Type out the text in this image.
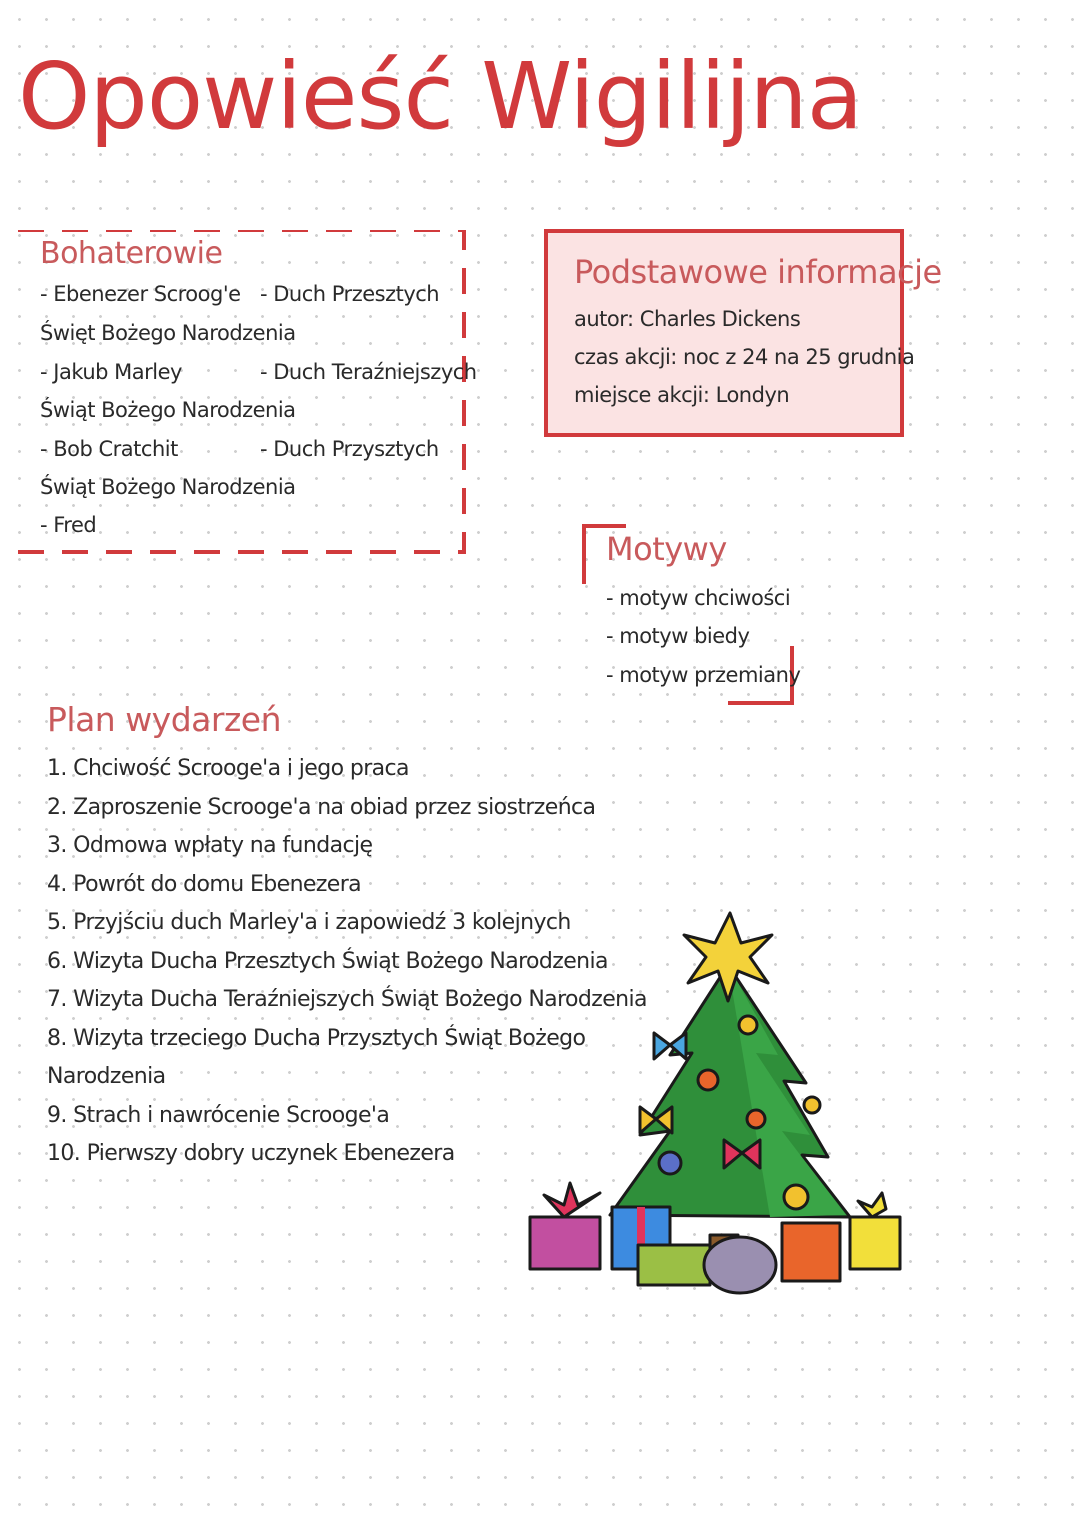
Opowieść Wigilijna
Bohaterowie
- Ebenezer Scroog'e - Duch Przesztych
Święt Bożego Narodzenia
- Jakub Marley	- Duch Teraźniejszych
Świąt Bożego Narodzenia
- Bob Cratchit	- Duch Przysztych
Świąt Bożego Narodzenia
- Fred
Podstawowe informacje
autor: Charles Dickens
czas akcji: noc z 24 na 25 grudnia
miejsce akcji: Londyn
Motywy
- motyw chciwości
- motyw biedy
- motyw przemiany
Plan wydarzeń
1. Chciwość Scrooge'a i jego praca
2. Zaproszenie Scrooge'a na obiad przez siostrzeńca
3. Odmowa wpłaty na fundację
4. Powrót do domu Ebenezera
5. Przyjściu duch Marley'a i zapowiedź 3 kolejnych
6. Wizyta Ducha Przesztych Świąt Bożego Narodzenia
7. Wizyta Ducha Teraźniejszych Świąt Bożego Narodzenia
8. Wizyta trzeciego Ducha Przysztych Świąt Bożego
Narodzenia
9. Strach i nawrócenie Scrooge'a
10. Pierwszy dobry uczynek Ebenezera
